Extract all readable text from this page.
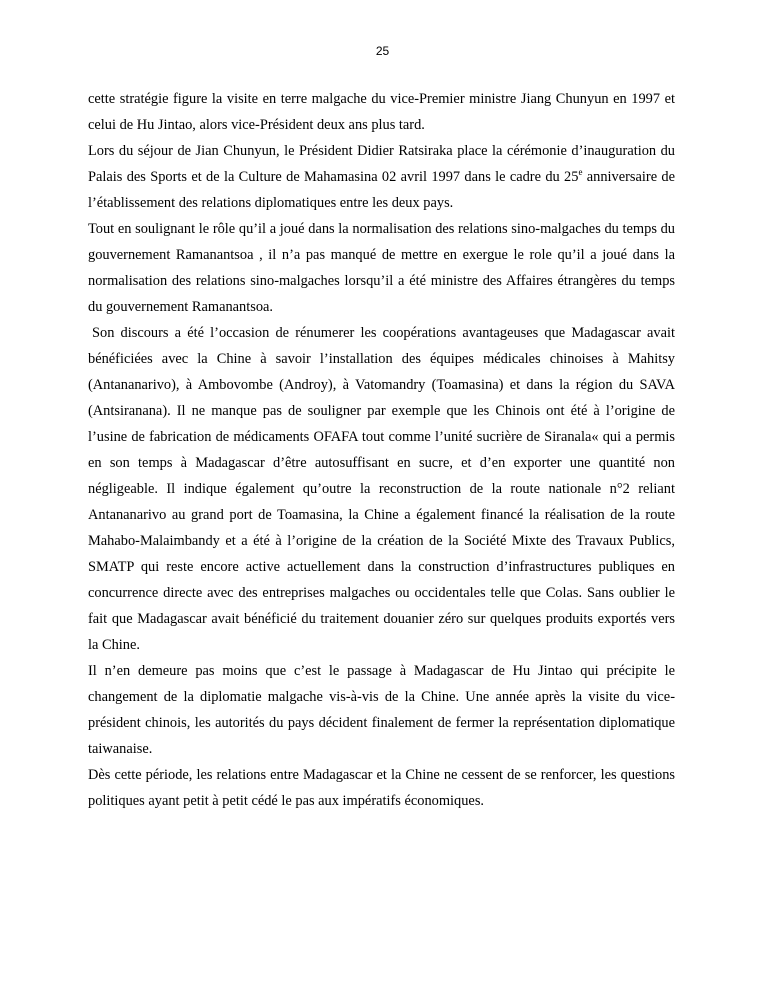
25

cette stratégie figure la visite en terre malgache du vice-Premier ministre Jiang Chunyun en 1997 et celui de Hu Jintao, alors vice-Président deux ans plus tard.

Lors du séjour de Jian Chunyun, le Président Didier Ratsiraka place la cérémonie d’inauguration du Palais des Sports et de la Culture de Mahamasina 02 avril 1997 dans le cadre du 25e anniversaire de l’établissement des relations diplomatiques entre les deux pays.

Tout en soulignant le rôle qu’il a joué dans la normalisation des relations sino-malgaches du temps du gouvernement Ramanantsoa , il n’a pas manqué de mettre en exergue le role qu’il a joué dans la normalisation des relations sino-malgaches lorsqu’il a été ministre des Affaires étrangères du temps du gouvernement Ramanantsoa.

Son discours a été l’occasion de rénumerer les coopérations avantageuses que Madagascar avait bénéficiées avec la Chine à savoir l’installation des équipes médicales chinoises à Mahitsy (Antananarivo), à Ambovombe (Androy), à Vatomandry (Toamasina) et dans la région du SAVA (Antsiranana). Il ne manque pas de souligner par exemple que les Chinois ont été à l’origine de l’usine de fabrication de médicaments OFAFA tout comme l’unité sucrière de Siranala« qui a permis en son temps à Madagascar d’être autosuffisant en sucre, et d’en exporter une quantité non négligeable. Il indique également qu’outre la reconstruction de la route nationale n°2 reliant Antananarivo au grand port de Toamasina, la Chine a également financé la réalisation de la route Mahabo-Malaimbandy et a été à l’origine de la création de la Société Mixte des Travaux Publics, SMATP qui reste encore active actuellement dans la construction d’infrastructures publiques en concurrence directe avec des entreprises malgaches ou occidentales telle que Colas. Sans oublier le fait que Madagascar avait bénéficié du traitement douanier zéro sur quelques produits exportés vers la Chine.

Il n’en demeure pas moins que c’est le passage à Madagascar de Hu Jintao qui précipite le changement de la diplomatie malgache vis-à-vis de la Chine. Une année après la visite du vice-président chinois, les autorités du pays décident finalement de fermer la représentation diplomatique taiwanaise.

Dès cette période, les relations entre Madagascar et la Chine ne cessent de se renforcer, les questions politiques ayant petit à petit cédé le pas aux impératifs économiques.
